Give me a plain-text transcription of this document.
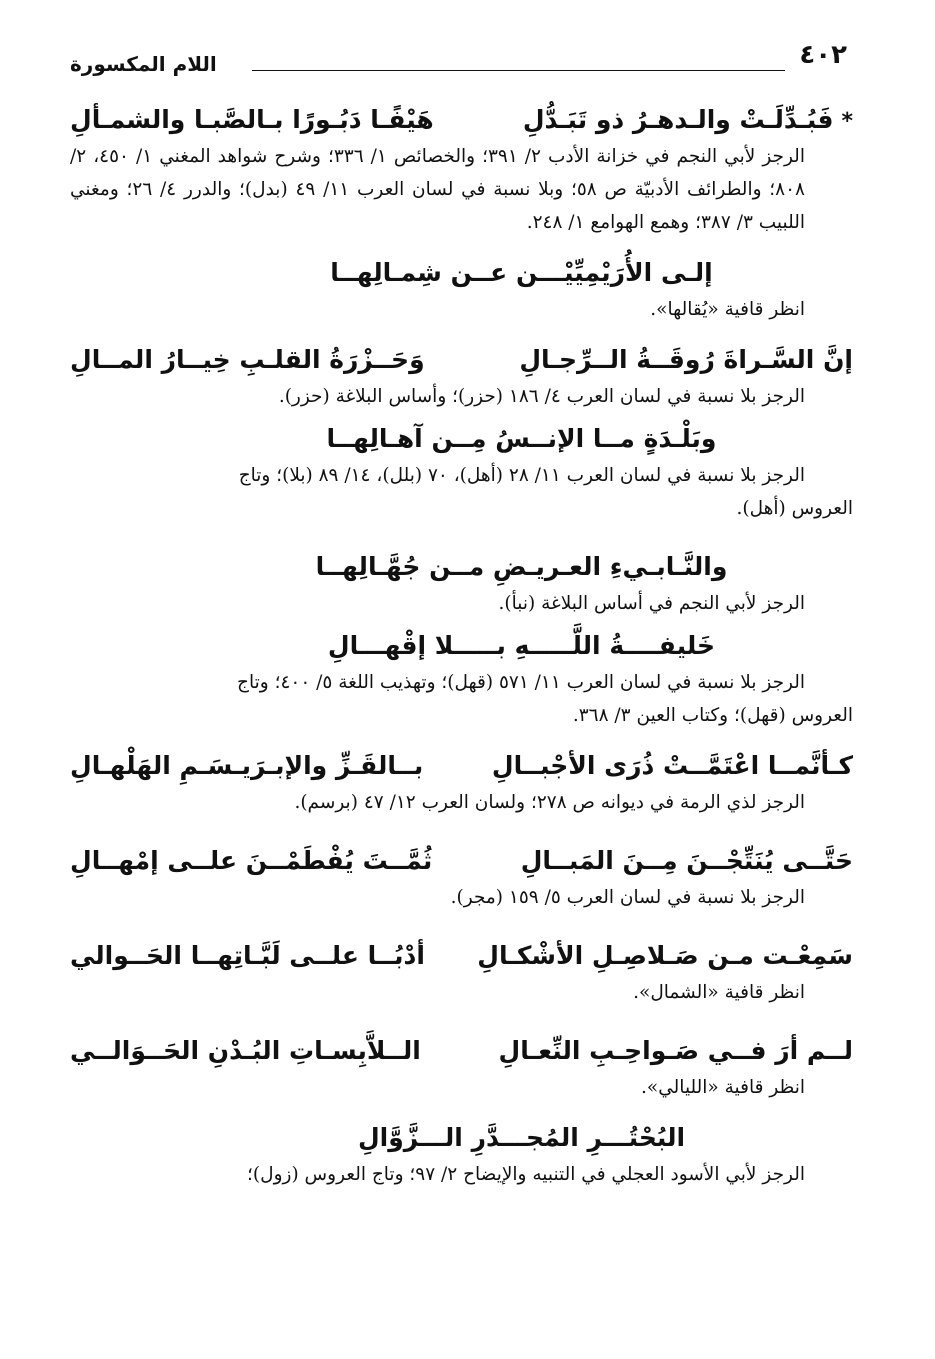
٤٠٢
اللام المكسورة
*فَبُـدِّلَـتْ والـدهـرُ ذو تَبَـدُّلِ
هَيْفًـا دَبُـورًا بـالصَّبـا والشمـألِ

الرجز لأبي النجم في خزانة الأدب ٢/ ٣٩١؛ والخصائص ١/ ٣٣٦؛ وشرح شواهد المغني ١/ ٤٥٠، ٢/ ٨٠٨؛ والطرائف الأدبيّة ص ٥٨؛ وبلا نسبة في لسان العرب ١١/ ٤٩ (بدل)؛ والدرر ٤/ ٢٦؛ ومغني اللبيب ٣/ ٣٨٧؛ وهمع الهوامع ١/ ٢٤٨.

إلـى الأُرَيْمِيِّيْـــن عــن شِمـالِهــا

انظر قافية «يُقالها».

إنَّ السَّـراةَ رُوقَــةُ الــرِّجـالِ
وَحَــزْرَةُ القلـبِ خِيــارُ المــالِ

الرجز بلا نسبة في لسان العرب ٤/ ١٨٦ (حزر)؛ وأساس البلاغة (حزر).

وبَلْـدَةٍ مــا الإنــسُ مِــن آهـالِهــا

الرجز بلا نسبة في لسان العرب ١١/ ٢٨ (أهل)، ٧٠ (بلل)، ١٤/ ٨٩ (بلا)؛ وتاج

العروس (أهل).

والنَّـابـيءِ العـريـضِ مــن جُهَّـالِهــا

الرجز لأبي النجم في أساس البلاغة (نبأ).

خَليفــــةُ اللَّـــــهِ بـــــلا إقْهـــالِ

الرجز بلا نسبة في لسان العرب ١١/ ٥٧١ (قهل)؛ وتهذيب اللغة ٥/ ٤٠٠؛ وتاج

العروس (قهل)؛ وكتاب العين ٣/ ٣٦٨.

كـأنَّمــا اعْتَمَّــتْ ذُرَى الأجْبــالِ
بــالقَـزِّ والإبـرَيـسَـمِ الهَلْهـالِ

الرجز لذي الرمة في ديوانه ص ٢٧٨؛ ولسان العرب ١٢/ ٤٧ (برسم).

حَتَّــى يُنَتِّجْــنَ مِــنَ المَبــالِ
ثُمَّــتَ يُفْطَمْــنَ علــى إمْهــالِ

الرجز بلا نسبة في لسان العرب ٥/ ١٥٩ (مجر).

سَمِعْـت مـن صَـلاصِـلِ الأشْكـالِ
أدْبُــا علــى لَبَّـاتِهــا الحَــوالي

انظر قافية «الشمال».

لــم أرَ فــي صَـواحِـبِ النِّعـالِ
الــلاَّبِسـاتِ البُـدْنِ الحَــوَالــي

انظر قافية «الليالي».

البُحْتُـــرِ المُجـــدَّرِ الـــزَّوَّالِ

الرجز لأبي الأسود العجلي في التنبيه والإيضاح ٢/ ٩٧؛ وتاج العروس (زول)؛
